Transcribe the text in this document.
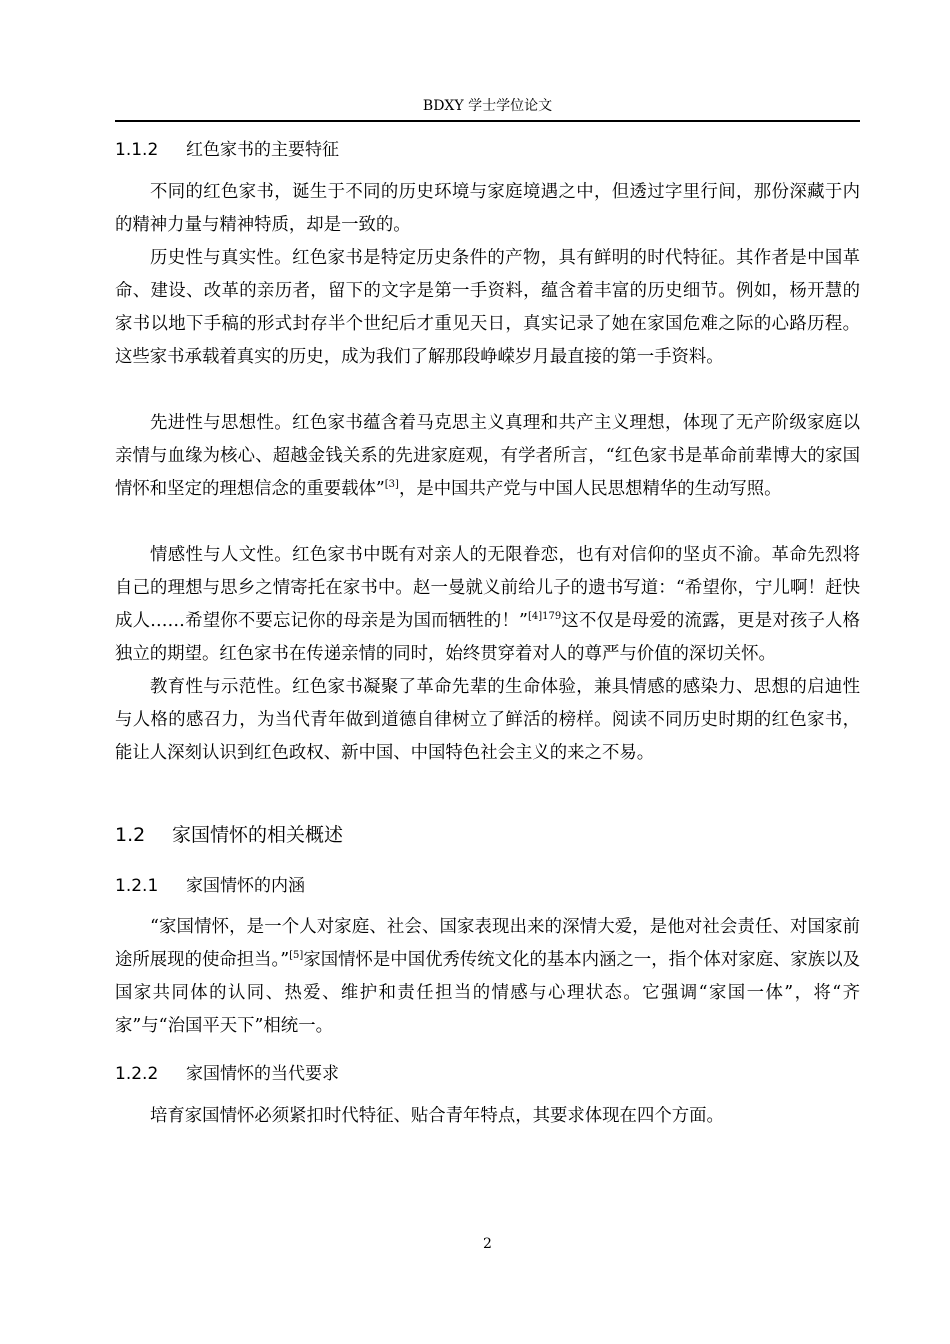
BDXY 学士学位论文
1.1.2 红色家书的主要特征

不同的红色家书，诞生于不同的历史环境与家庭境遇之中，但透过字里行间，那份深藏于内的精神力量与精神特质，却是一致的。

历史性与真实性。红色家书是特定历史条件的产物，具有鲜明的时代特征。其作者是中国革命、建设、改革的亲历者，留下的文字是第一手资料，蕴含着丰富的历史细节。例如，杨开慧的家书以地下手稿的形式封存半个世纪后才重见天日，真实记录了她在家国危难之际的心路历程。这些家书承载着真实的历史，成为我们了解那段峥嵘岁月最直接的第一手资料。

先进性与思想性。红色家书蕴含着马克思主义真理和共产主义理想，体现了无产阶级家庭以亲情与血缘为核心、超越金钱关系的先进家庭观，有学者所言，“红色家书是革命前辈博大的家国情怀和坚定的理想信念的重要载体”[3]，是中国共产党与中国人民思想精华的生动写照。

情感性与人文性。红色家书中既有对亲人的无限眷恋，也有对信仰的坚贞不渝。革命先烈将自己的理想与思乡之情寄托在家书中。赵一曼就义前给儿子的遗书写道：“希望你，宁儿啊！赶快成人……希望你不要忘记你的母亲是为国而牺牲的！”$^{[4]179}$这不仅是母爱的流露，更是对孩子人格独立的期望。红色家书在传递亲情的同时，始终贯穿着对人的尊严与价值的深切关怀。

教育性与示范性。红色家书凝聚了革命先辈的生命体验，兼具情感的感染力、思想的启迪性与人格的感召力，为当代青年做到道德自律树立了鲜活的榜样。阅读不同历史时期的红色家书，能让人深刻认识到红色政权、新中国、中国特色社会主义的来之不易。

1.2 家国情怀的相关概述
1.2.1 家国情怀的内涵

“家国情怀，是一个人对家庭、社会、国家表现出来的深情大爱，是他对社会责任、对国家前途所展现的使命担当。”[5]家国情怀是中国优秀传统文化的基本内涵之一，指个体对家庭、家族以及国家共同体的认同、热爱、维护和责任担当的情感与心理状态。它强调“家国一体”，将“齐家”与“治国平天下”相统一。

1.2.2 家国情怀的当代要求

培育家国情怀必须紧扣时代特征、贴合青年特点，其要求体现在四个方面。

2
